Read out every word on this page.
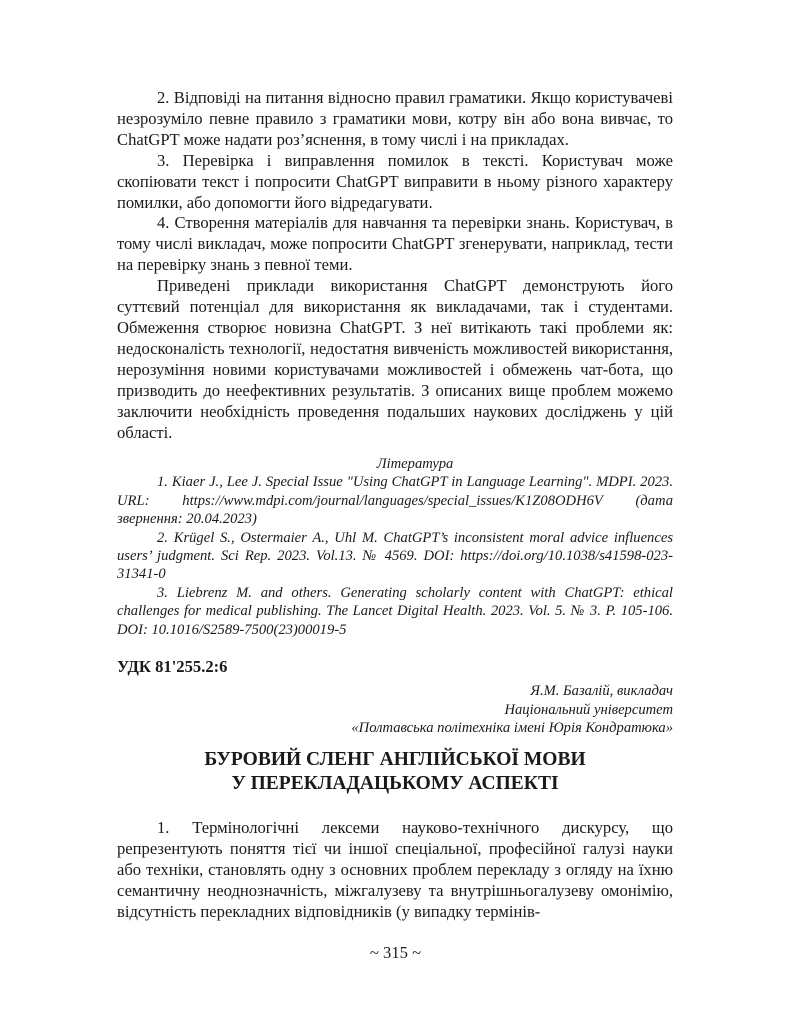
2. Відповіді на питання відносно правил граматики. Якщо користувачеві незрозуміло певне правило з граматики мови, котру він або вона вивчає, то ChatGPT може надати роз’яснення, в тому числі і на прикладах.

3. Перевірка і виправлення помилок в тексті. Користувач може скопіювати текст і попросити ChatGPT виправити в ньому різного характеру помилки, або допомогти його відредагувати.

4. Створення матеріалів для навчання та перевірки знань. Користувач, в тому числі викладач, може попросити ChatGPT згенерувати, наприклад, тести на перевірку знань з певної теми.

Приведені приклади використання ChatGPT демонструють його суттєвий потенціал для використання як викладачами, так і студентами. Обмеження створює новизна ChatGPT. З неї витікають такі проблеми як: недосконаліcть технології, недостатня вивченість можливостей використання, нерозуміння новими користувачами можливостей і обмежень чат-бота, що призводить до неефективних результатів. З описаних вище проблем можемо заключити необхідність проведення подальших наукових досліджень у цій області.

Література

1. Kiaer J., Lee J. Special Issue "Using ChatGPT in Language Learning". MDPI. 2023. URL: https://www.mdpi.com/journal/languages/special_issues/K1Z08ODH6V (дата звернення: 20.04.2023)

2. Krügel S., Ostermaier A., Uhl M. ChatGPT’s inconsistent moral advice influences users’ judgment. Sci Rep. 2023. Vol.13. № 4569. DOI: https://doi.org/10.1038/s41598-023-31341-0

3. Liebrenz M. and others. Generating scholarly content with ChatGPT: ethical challenges for medical publishing. The Lancet Digital Health. 2023. Vol. 5. № 3. P. 105-106. DOI: 10.1016/S2589-7500(23)00019-5

УДК 81'255.2:6
Я.М. Базалій, викладач
Національний університет
«Полтавська політехніка імені Юрія Кондратюка»
БУРОВИЙ СЛЕНГ АНГЛІЙСЬКОЇ МОВИ
У ПЕРЕКЛАДАЦЬКОМУ АСПЕКТІ

1. Термінологічні лексеми науково-технічного дискурсу, що репрезентують поняття тієї чи іншої спеціальної, професійної галузі науки або техніки, становлять одну з основних проблем перекладу з огляду на їхню семантичну неоднозначність, міжгалузеву та внутрішньогалузеву омонімію, відсутність перекладних відповідників (у випадку термінів-

~ 315 ~
